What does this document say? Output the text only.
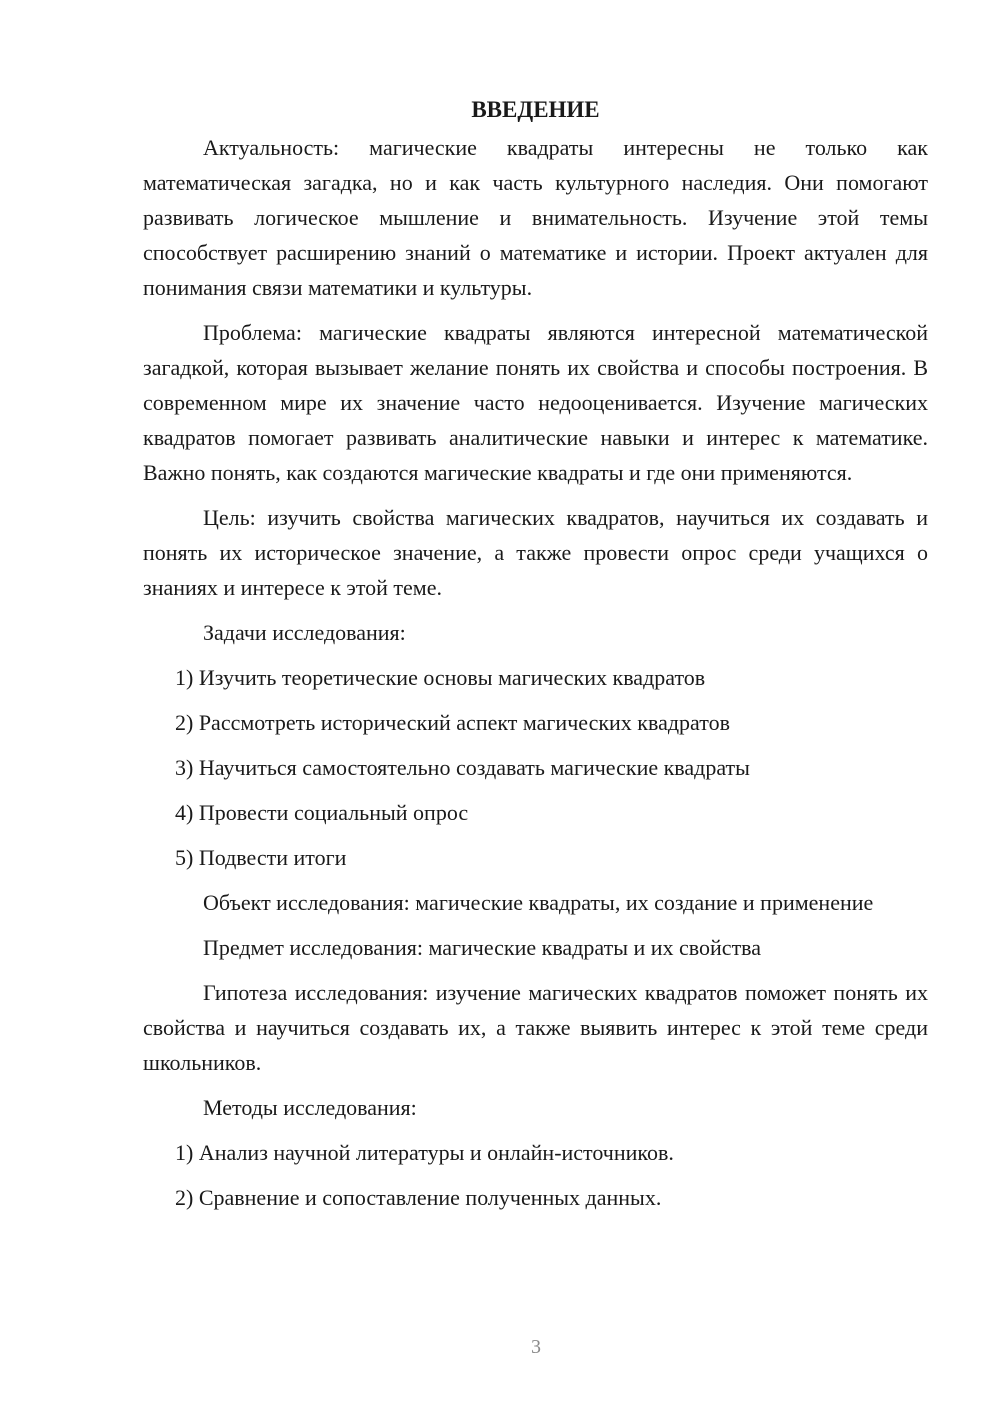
ВВЕДЕНИЕ

Актуальность: магические квадраты интересны не только как математическая загадка, но и как часть культурного наследия. Они помогают развивать логическое мышление и внимательность. Изучение этой темы способствует расширению знаний о математике и истории. Проект актуален для понимания связи математики и культуры.

Проблема: магические квадраты являются интересной математической загадкой, которая вызывает желание понять их свойства и способы построения. В современном мире их значение часто недооценивается. Изучение магических квадратов помогает развивать аналитические навыки и интерес к математике. Важно понять, как создаются магические квадраты и где они применяются.

Цель: изучить свойства магических квадратов, научиться их создавать и понять их историческое значение, а также провести опрос среди учащихся о знаниях и интересе к этой теме.

Задачи исследования:

1) Изучить теоретические основы магических квадратов
2) Рассмотреть исторический аспект магических квадратов
3) Научиться самостоятельно создавать магические квадраты
4) Провести социальный опрос
5) Подвести итоги

Объект исследования: магические квадраты, их создание и применение

Предмет исследования: магические квадраты и их свойства

Гипотеза исследования: изучение магических квадратов поможет понять их свойства и научиться создавать их, а также выявить интерес к этой теме среди школьников.

Методы исследования:

1) Анализ научной литературы и онлайн-источников.
2) Сравнение и сопоставление полученных данных.
3
